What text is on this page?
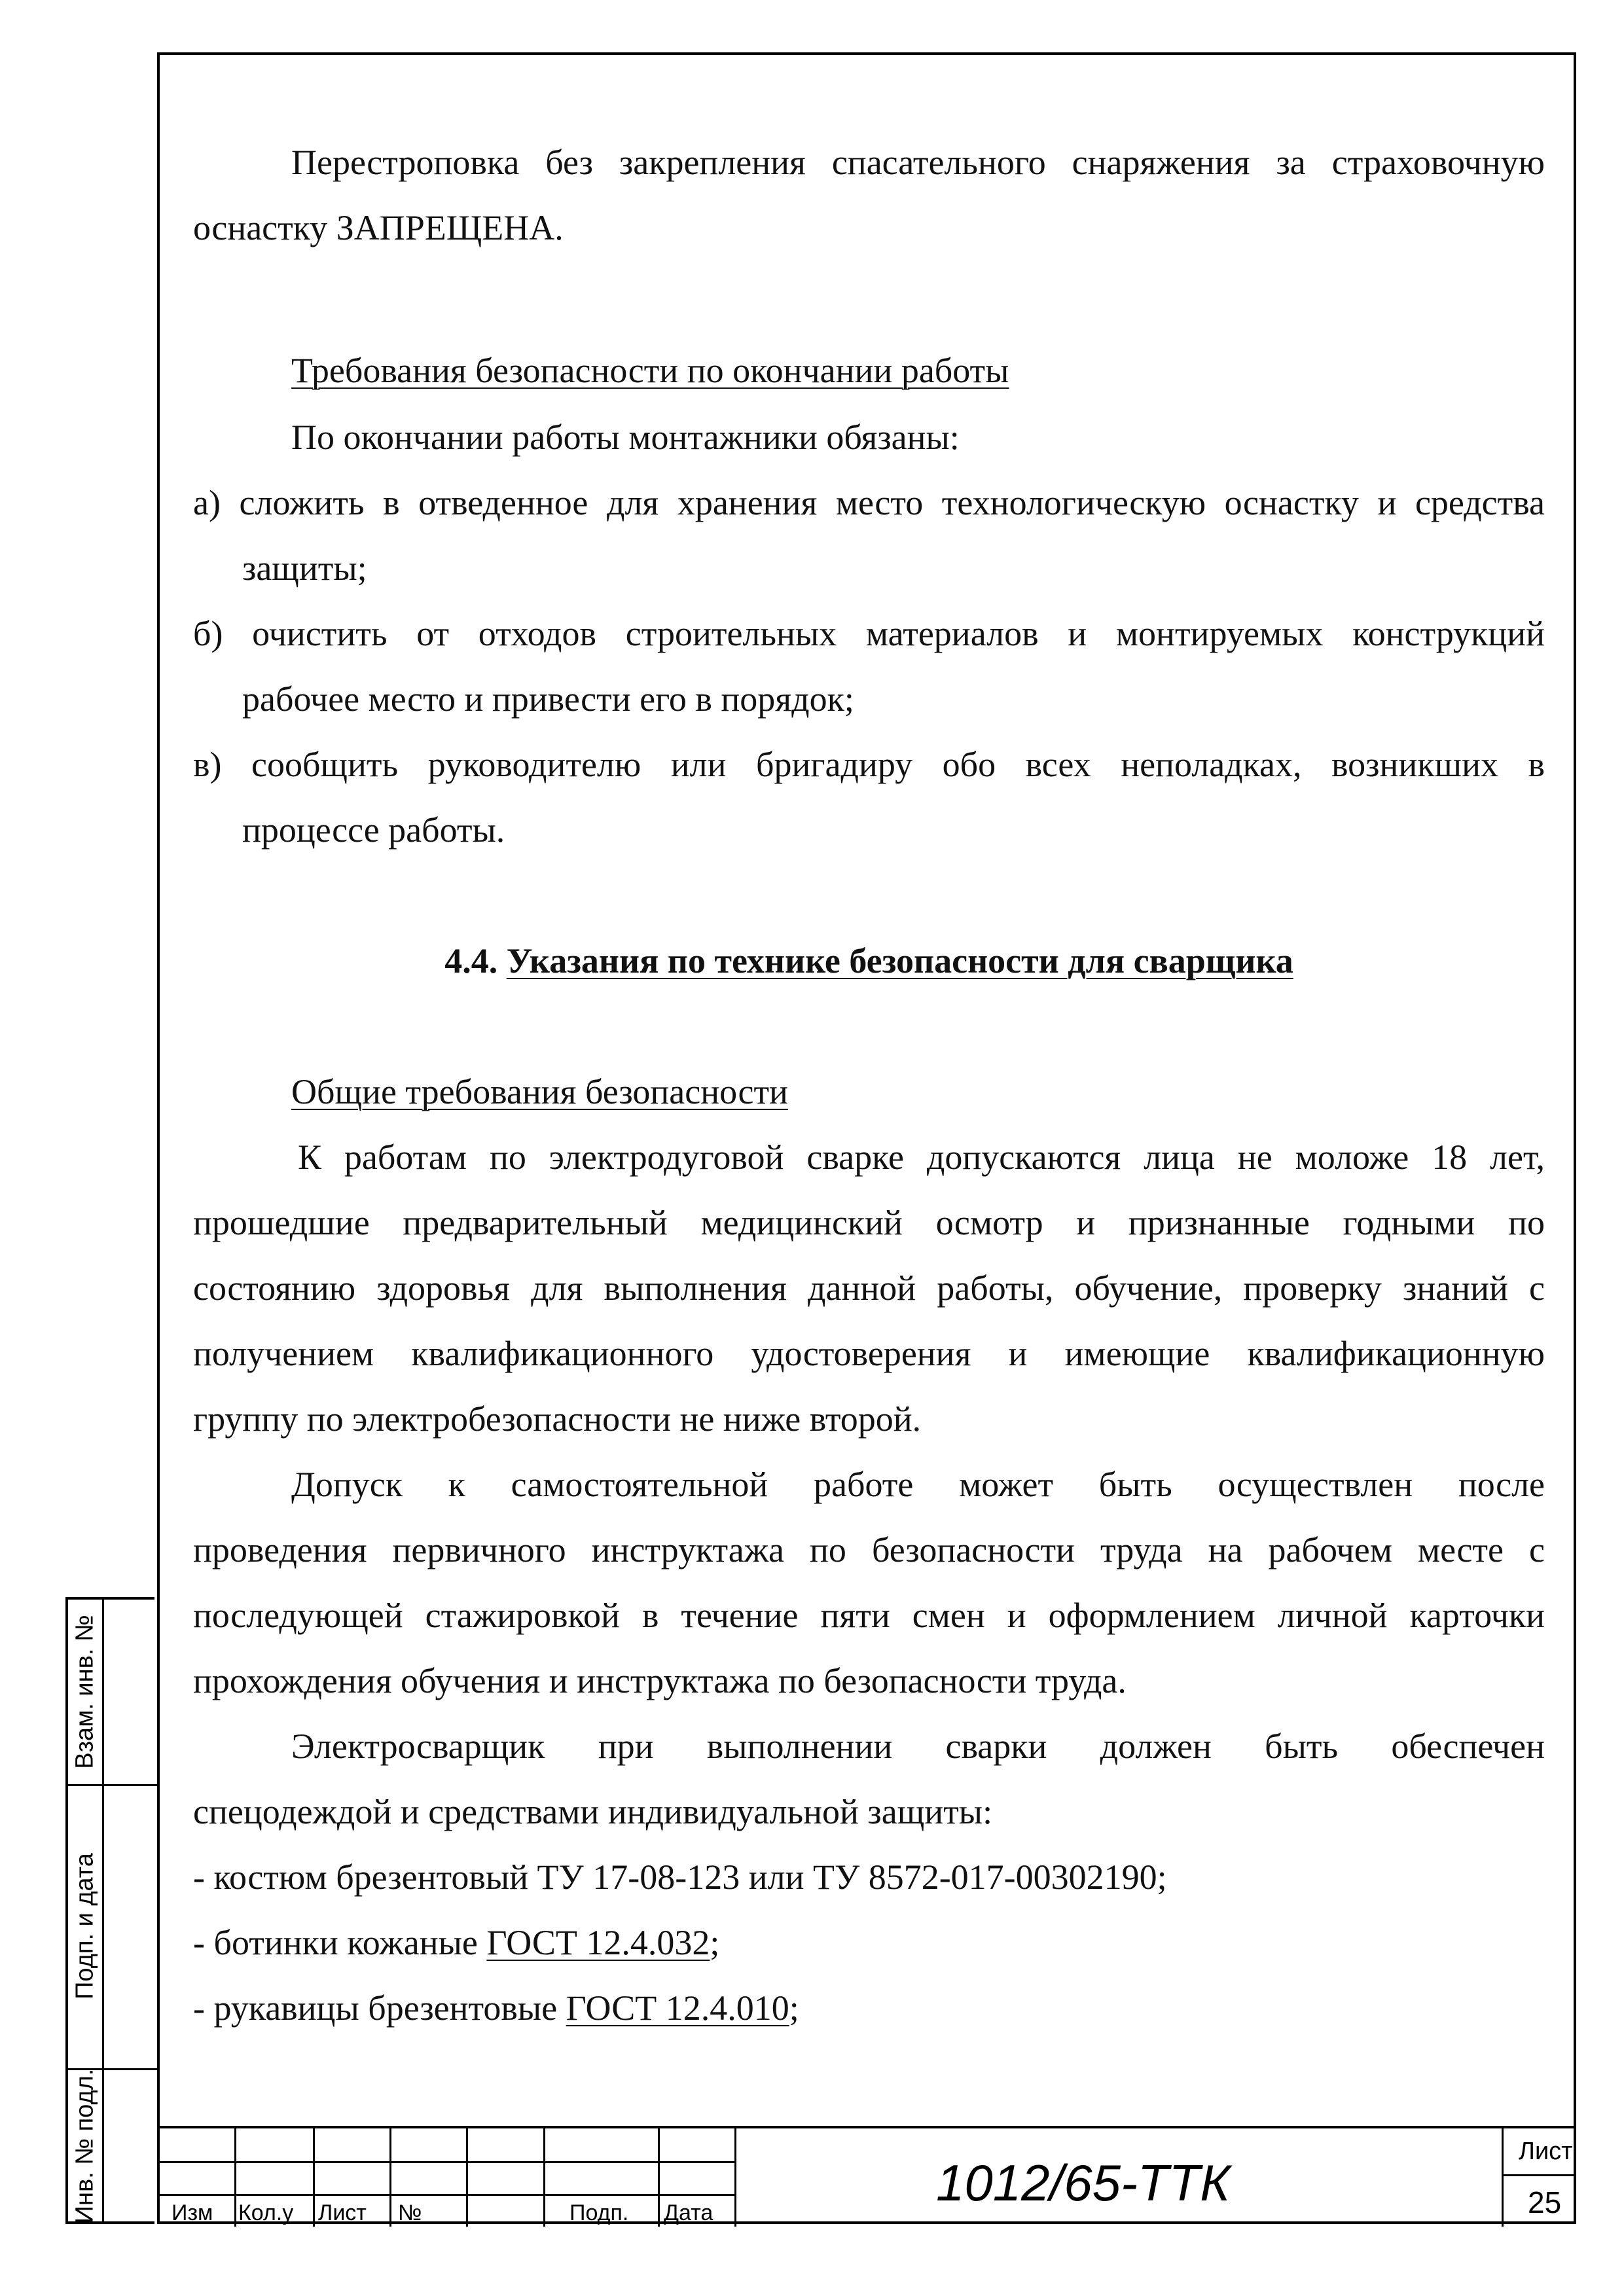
Перестроповка без закрепления спасательного снаряжения за страховочную
оснастку ЗАПРЕЩЕНА.
Требования безопасности по окончании работы
По окончании работы монтажники обязаны:
а) сложить в отведенное для хранения место технологическую оснастку и средства
защиты;
б) очистить от отходов строительных материалов и монтируемых конструкций
рабочее место и привести его в порядок;
в) сообщить руководителю или бригадиру обо всех неполадках, возникших в
процессе работы.
4.4. Указания по технике безопасности для сварщика
Общие требования безопасности
К работам по электродуговой сварке допускаются лица не моложе 18 лет,
прошедшие предварительный медицинский осмотр и признанные годными по
состоянию здоровья для выполнения данной работы, обучение, проверку знаний с
получением квалификационного удостоверения и имеющие квалификационную
группу по электробезопасности не ниже второй.
Допуск к самостоятельной работе может быть осуществлен после
проведения первичного инструктажа по безопасности труда на рабочем месте с
последующей стажировкой в течение пяти смен и оформлением личной карточки
прохождения обучения и инструктажа по безопасности труда.
Электросварщик при выполнении сварки должен быть обеспечен
спецодеждой и средствами индивидуальной защиты:
- костюм брезентовый ТУ 17-08-123 или ТУ 8572-017-00302190;
- ботинки кожаные ГОСТ 12.4.032;
- рукавицы брезентовые ГОСТ 12.4.010;
Взам. инв. №
Подп. и дата
Инв. № подл.	Изм Кол.у Лист №	Подп. Дата
1012/65-ТТК
Лист
25
